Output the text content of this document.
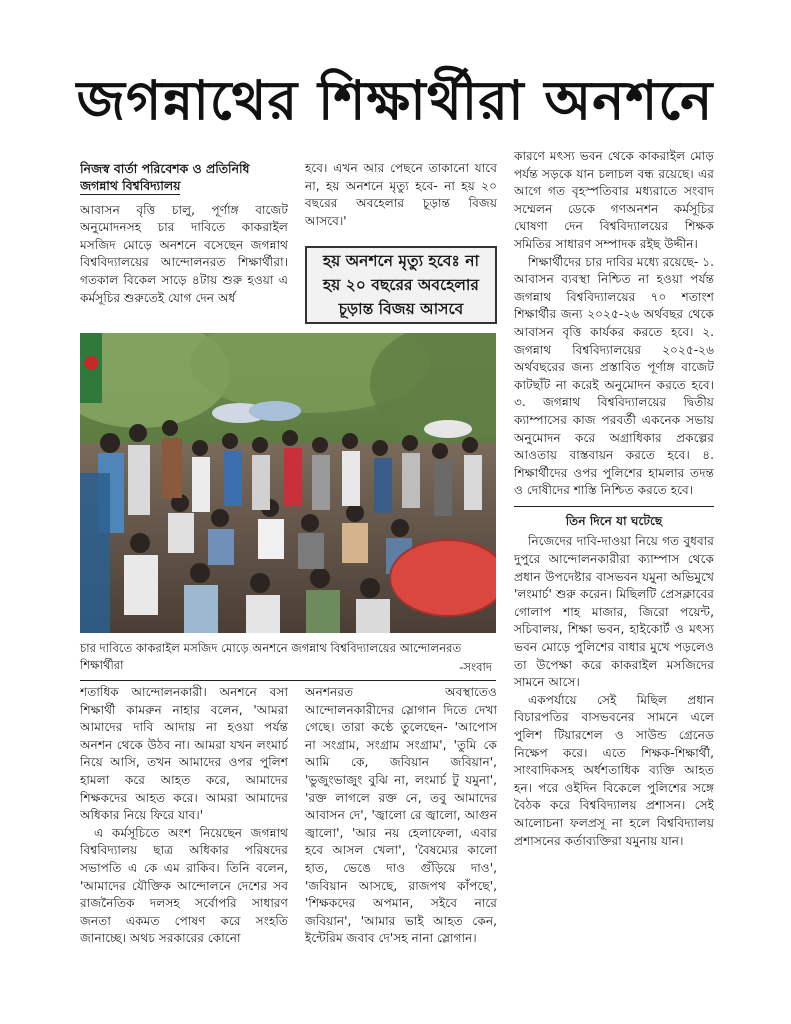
জগন্নাথের শিক্ষার্থীরা অনশনে
নিজস্ব বার্তা পরিবেশক ও প্রতিনিধি
জগন্নাথ বিশ্ববিদ্যালয়

আবাসন বৃত্তি চালু, পূর্ণাঙ্গ বাজেট অনুমোদনসহ চার দাবিতে কাকরাইল মসজিদ মোড়ে অনশনে বসেছেন জগন্নাথ বিশ্ববিদ্যালয়ের আন্দোলনরত শিক্ষার্থীরা। গতকাল বিকেল সাড়ে ৪টায় শুরু হওয়া এ কর্মসূচির শুরুতেই যোগ দেন অর্ধ

হবে। এখন আর পেছনে তাকানো যাবে না, হয় অনশনে মৃত্যু হবে- না হয় ২০ বছরের অবহেলার চূড়ান্ত বিজয় আসবে।'

হয় অনশনে মৃত্যু হবেঃ না হয় ২০ বছরের অবহেলার চূড়ান্ত বিজয় আসবে
চার দাবিতে কাকরাইল মসজিদ মোড়ে অনশনে জগন্নাথ বিশ্ববিদ্যালয়ের আন্দোলনরত শিক্ষার্থীরা	-সংবাদ

শতাধিক আন্দোলনকারী। অনশনে বসা শিক্ষার্থী কামরুন নাহার বলেন, 'আমরা আমাদের দাবি আদায় না হওয়া পর্যন্ত অনশন থেকে উঠব না। আমরা যখন লংমার্চ নিয়ে আসি, তখন আমাদের ওপর পুলিশ হামলা করে আহত করে, আমাদের শিক্ষকদের আহত করে। আমরা আমাদের অধিকার নিয়ে ফিরে যাব।'

এ কর্মসূচিতে অংশ নিয়েছেন জগন্নাথ বিশ্ববিদ্যালয় ছাত্র অধিকার পরিষদের সভাপতি এ কে এম রাকিব। তিনি বলেন, 'আমাদের যৌক্তিক আন্দোলনে দেশের সব রাজনৈতিক দলসহ সর্বোপরি সাধারণ জনতা একমত পোষণ করে সংহতি জানাচ্ছে। অথচ সরকারের কোনো

অনশনরত অবস্থাতেও আন্দোলনকারীদের স্লোগান দিতে দেখা গেছে। তারা কণ্ঠে তুলেছেন- 'আপোস না সংগ্রাম, সংগ্রাম সংগ্রাম', 'তুমি কে আমি কে, জবিয়ান জবিয়ান', 'ভুজুংভাজুং বুঝি না, লংমার্চ টু যমুনা', 'রক্ত লাগলে রক্ত নে, তবু আমাদের আবাসন দে', 'জ্বালো রে জ্বালো, আগুন জ্বালো', 'আর নয় হেলাফেলা, এবার হবে আসল খেলা', 'বৈষম্যের কালো হাত, ভেঙে দাও গুঁড়িয়ে দাও', 'জবিয়ান আসছে, রাজপথ কাঁপছে', 'শিক্ষকদের অপমান, সইবে নারে জবিয়ান', 'আমার ভাই আহত কেন, ইন্টেরিম জবাব দে'সহ নানা স্লোগান।

কারণে মৎস্য ভবন থেকে কাকরাইল মোড় পর্যন্ত সড়কে যান চলাচল বন্ধ রয়েছে। এর আগে গত বৃহস্পতিবার মধ্যরাতে সংবাদ সম্মেলন ডেকে গণঅনশন কর্মসূচির ঘোষণা দেন বিশ্ববিদ্যালয়ের শিক্ষক সমিতির সাধারণ সম্পাদক রইছ উদ্দীন।

শিক্ষার্থীদের চার দাবির মধ্যে রয়েছে- ১. আবাসন ব্যবস্থা নিশ্চিত না হওয়া পর্যন্ত জগন্নাথ বিশ্ববিদ্যালয়ের ৭০ শতাংশ শিক্ষার্থীর জন্য ২০২৫-২৬ অর্থবছর থেকে আবাসন বৃত্তি কার্যকর করতে হবে। ২. জগন্নাথ বিশ্ববিদ্যালয়ের ২০২৫-২৬ অর্থবছরের জন্য প্রস্তাবিত পূর্ণাঙ্গ বাজেট কাটছাঁট না করেই অনুমোদন করতে হবে। ৩. জগন্নাথ বিশ্ববিদ্যালয়ের দ্বিতীয় ক্যাম্পাসের কাজ পরবর্তী একনেক সভায় অনুমোদন করে অগ্রাধিকার প্রকল্পের আওতায় বাস্তবায়ন করতে হবে। ৪. শিক্ষার্থীদের ওপর পুলিশের হামলার তদন্ত ও দোষীদের শাস্তি নিশ্চিত করতে হবে।

তিন দিনে যা ঘটেছে

নিজেদের দাবি-দাওয়া নিয়ে গত বুধবার দুপুরে আন্দোলনকারীরা ক্যাম্পাস থেকে প্রধান উপদেষ্টার বাসভবন যমুনা অভিমুখে 'লংমার্চ' শুরু করেন। মিছিলটি প্রেসক্লাবের গোলাপ শাহ মাজার, জিরো পয়েন্ট, সচিবালয়, শিক্ষা ভবন, হাইকোর্ট ও মৎস্য ভবন মোড়ে পুলিশের বাধার মুখে পড়লেও তা উপেক্ষা করে কাকরাইল মসজিদের সামনে আসে।

একপর্যায়ে সেই মিছিল প্রধান বিচারপতির বাসভবনের সামনে এলে পুলিশ টিয়ারশেল ও সাউন্ড গ্রেনেড নিক্ষেপ করে। এতে শিক্ষক-শিক্ষার্থী, সাংবাদিকসহ অর্ধশতাধিক ব্যক্তি আহত হন। পরে ওইদিন বিকেলে পুলিশের সঙ্গে বৈঠক করে বিশ্ববিদ্যালয় প্রশাসন। সেই আলোচনা ফলপ্রসূ না হলে বিশ্ববিদ্যালয় প্রশাসনের কর্তাব্যক্তিরা যমুনায় যান।
